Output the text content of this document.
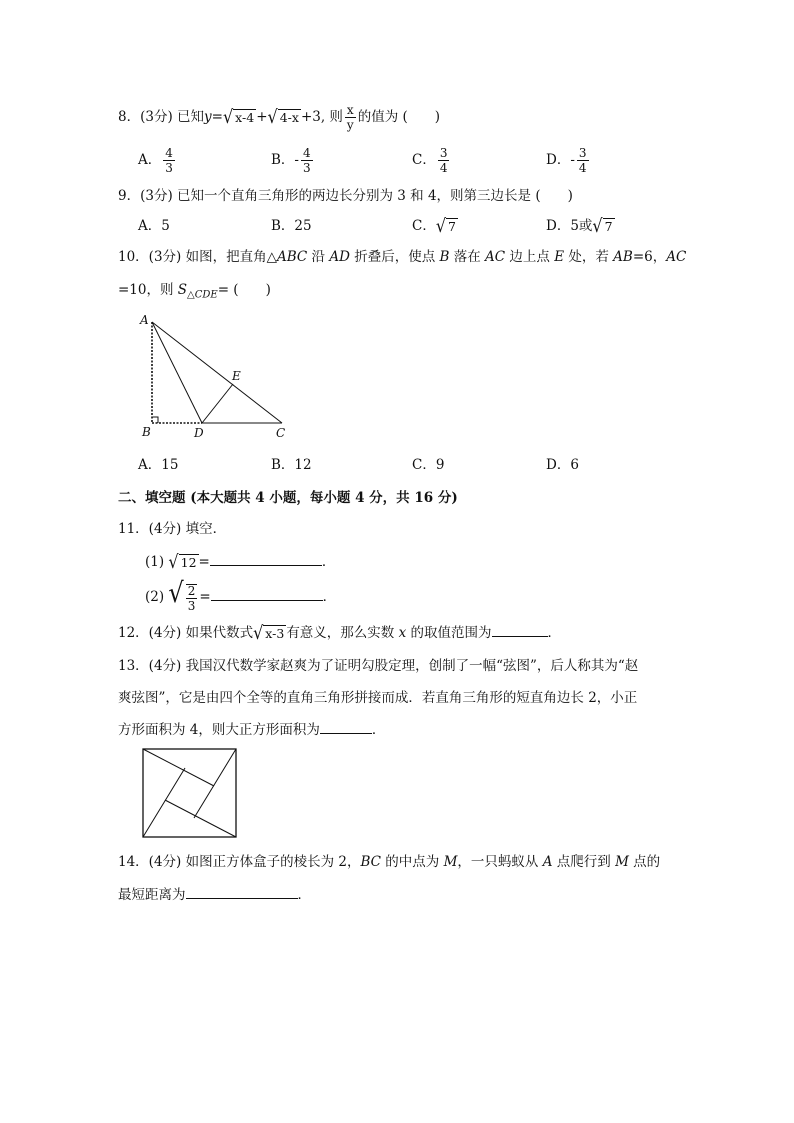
8．(3分) 已知y=√ x-4 +√ 4-x +3, 则 $\frac{x}{y}$ 的值为 (　　)
A． $\frac{4}{3}$	B．- $\frac{4}{3}$	C． $\frac{3}{4}$	D．- $\frac{3}{4}$
9．(3分) 已知一个直角三角形的两边长分别为 3 和 4，则第三边长是 (　　)
A．5	B．25	C．√ 7	D．5或√ 7
10．(3分) 如图，把直角△ABC 沿 AD 折叠后，使点 B 落在 AC 边上点 E 处，若 AB=6，AC
=10，则 $S_{\triangle CDE}=$ (　　)
A
B	D	C
E
A．15	B．12	C．9	D．6
二、填空题 (本大题共 4 小题，每小题 4 分，共 16 分)
11．(4分) 填空．
(1) √ 12 =	．
(2) √ $\frac{2}{3}$ =	．
12．(4分) 如果代数式√ x-3 有意义，那么实数 x 的取值范围为	．
13．(4分) 我国汉代数学家赵爽为了证明勾股定理，创制了一幅“弦图”，后人称其为“赵
爽弦图”，它是由四个全等的直角三角形拼接而成．若直角三角形的短直角边长 2，小正
方形面积为 4，则大正方形面积为	．
14．(4分) 如图正方体盒子的棱长为 2，BC 的中点为 M，一只蚂蚁从 A 点爬行到 M 点的
最短距离为	．
